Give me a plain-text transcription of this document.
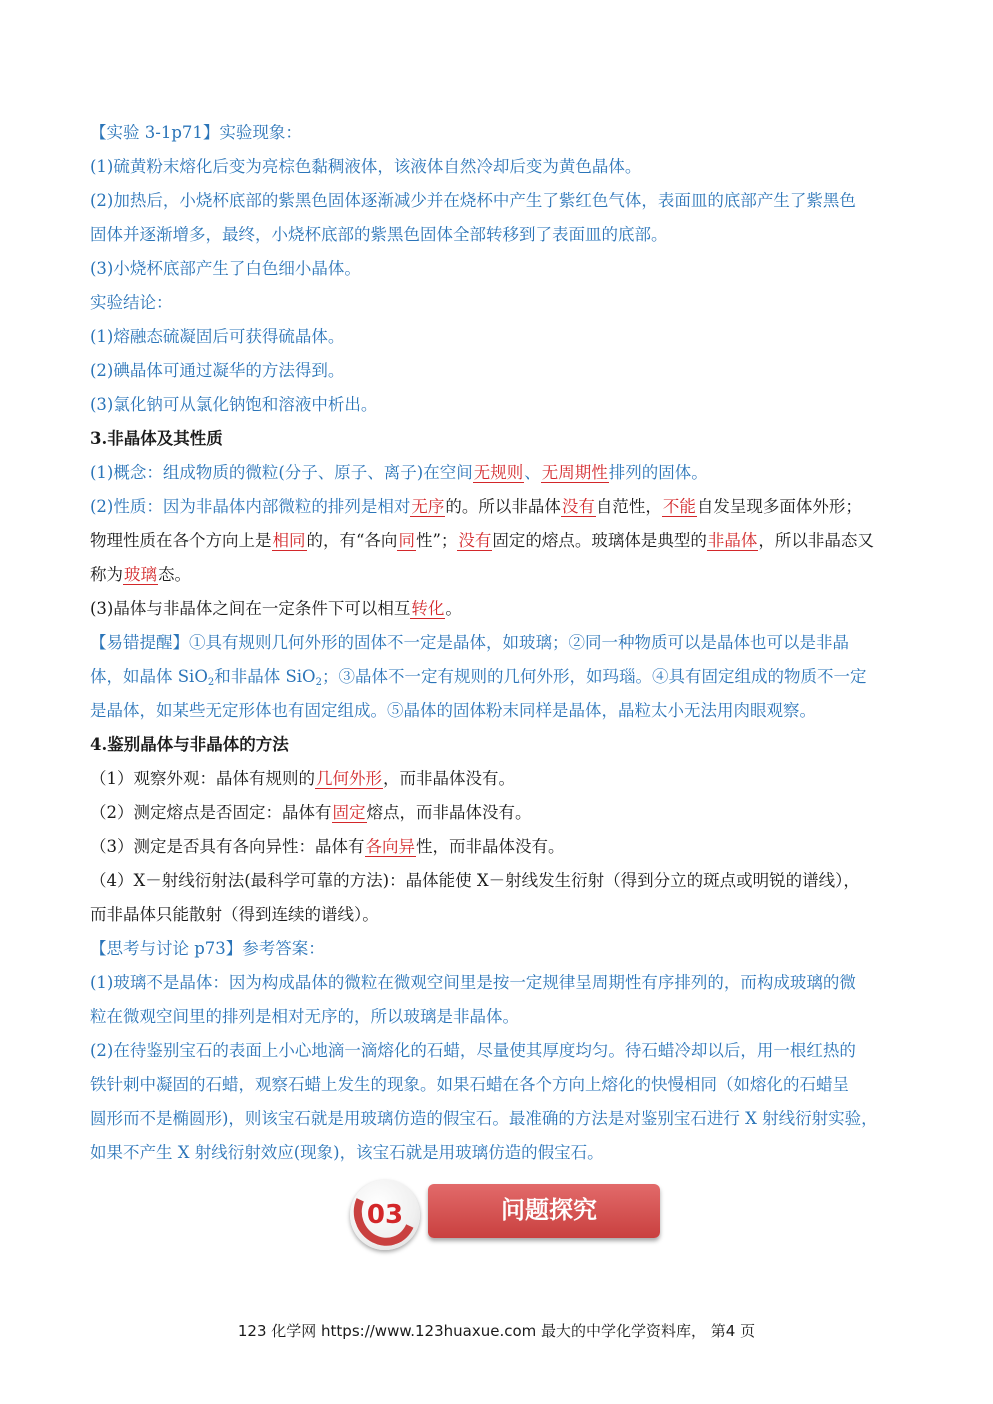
【实验 3-1p71】实验现象：
(1)硫黄粉末熔化后变为亮棕色黏稠液体，该液体自然冷却后变为黄色晶体。
(2)加热后，小烧杯底部的紫黑色固体逐渐减少并在烧杯中产生了紫红色气体，表面皿的底部产生了紫黑色
固体并逐渐增多，最终，小烧杯底部的紫黑色固体全部转移到了表面皿的底部。
(3)小烧杯底部产生了白色细小晶体。
实验结论：
(1)熔融态硫凝固后可获得硫晶体。
(2)碘晶体可通过凝华的方法得到。
(3)氯化钠可从氯化钠饱和溶液中析出。
3.非晶体及其性质
(1)概念：组成物质的微粒(分子、原子、离子)在空间无规则、无周期性排列的固体。
(2)性质：因为非晶体内部微粒的排列是相对无序的。所以非晶体没有自范性，不能自发呈现多面体外形；
物理性质在各个方向上是相同的，有“各向同性”；没有固定的熔点。玻璃体是典型的非晶体，所以非晶态又
称为玻璃态。
(3)晶体与非晶体之间在一定条件下可以相互转化。
【易错提醒】①具有规则几何外形的固体不一定是晶体，如玻璃；②同一种物质可以是晶体也可以是非晶
体，如晶体 SiO$_2$和非晶体 SiO$_2$；③晶体不一定有规则的几何外形，如玛瑙。④具有固定组成的物质不一定
是晶体，如某些无定形体也有固定组成。⑤晶体的固体粉末同样是晶体，晶粒太小无法用肉眼观察。
4.鉴别晶体与非晶体的方法
（1）观察外观：晶体有规则的几何外形，而非晶体没有。
（2）测定熔点是否固定：晶体有固定熔点，而非晶体没有。
（3）测定是否具有各向异性：晶体有各向异性，而非晶体没有。
（4）X－射线衍射法(最科学可靠的方法)：晶体能使 X－射线发生衍射（得到分立的斑点或明锐的谱线），
而非晶体只能散射（得到连续的谱线）。
【思考与讨论 p73】参考答案：
(1)玻璃不是晶体：因为构成晶体的微粒在微观空间里是按一定规律呈周期性有序排列的，而构成玻璃的微
粒在微观空间里的排列是相对无序的，所以玻璃是非晶体。
(2)在待鉴别宝石的表面上小心地滴一滴熔化的石蜡，尽量使其厚度均匀。待石蜡冷却以后，用一根红热的
铁针刺中凝固的石蜡，观察石蜡上发生的现象。如果石蜡在各个方向上熔化的快慢相同（如熔化的石蜡呈
圆形而不是椭圆形)，则该宝石就是用玻璃仿造的假宝石。最准确的方法是对鉴别宝石进行 X 射线衍射实验，
如果不产生 X 射线衍射效应(现象)，该宝石就是用玻璃仿造的假宝石。
问题探究
03
123 化学网 https://www.123huaxue.com 最大的中学化学资料库， 第4 页
